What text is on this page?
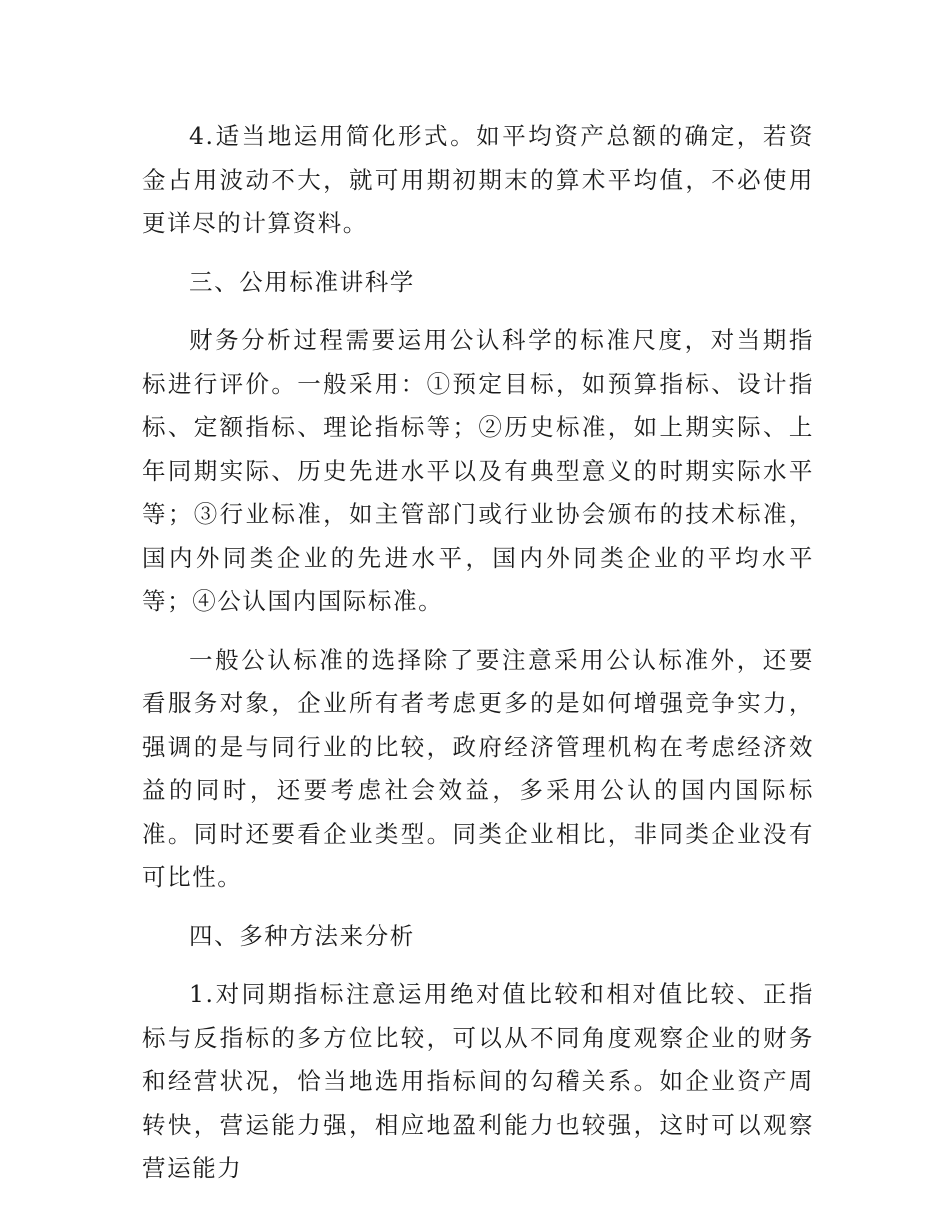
4.适当地运用简化形式。如平均资产总额的确定，若资金占用波动不大，就可用期初期末的算术平均值，不必使用更详尽的计算资料。

三、公用标准讲科学

财务分析过程需要运用公认科学的标准尺度，对当期指标进行评价。一般采用：①预定目标，如预算指标、设计指标、定额指标、理论指标等；②历史标准，如上期实际、上年同期实际、历史先进水平以及有典型意义的时期实际水平等；③行业标准，如主管部门或行业协会颁布的技术标准，国内外同类企业的先进水平，国内外同类企业的平均水平等；④公认国内国际标准。

一般公认标准的选择除了要注意采用公认标准外，还要看服务对象，企业所有者考虑更多的是如何增强竞争实力，强调的是与同行业的比较，政府经济管理机构在考虑经济效益的同时，还要考虑社会效益，多采用公认的国内国际标准。同时还要看企业类型。同类企业相比，非同类企业没有可比性。

四、多种方法来分析

1.对同期指标注意运用绝对值比较和相对值比较、正指标与反指标的多方位比较，可以从不同角度观察企业的财务和经营状况，恰当地选用指标间的勾稽关系。如企业资产周转快，营运能力强，相应地盈利能力也较强，这时可以观察营运能力
